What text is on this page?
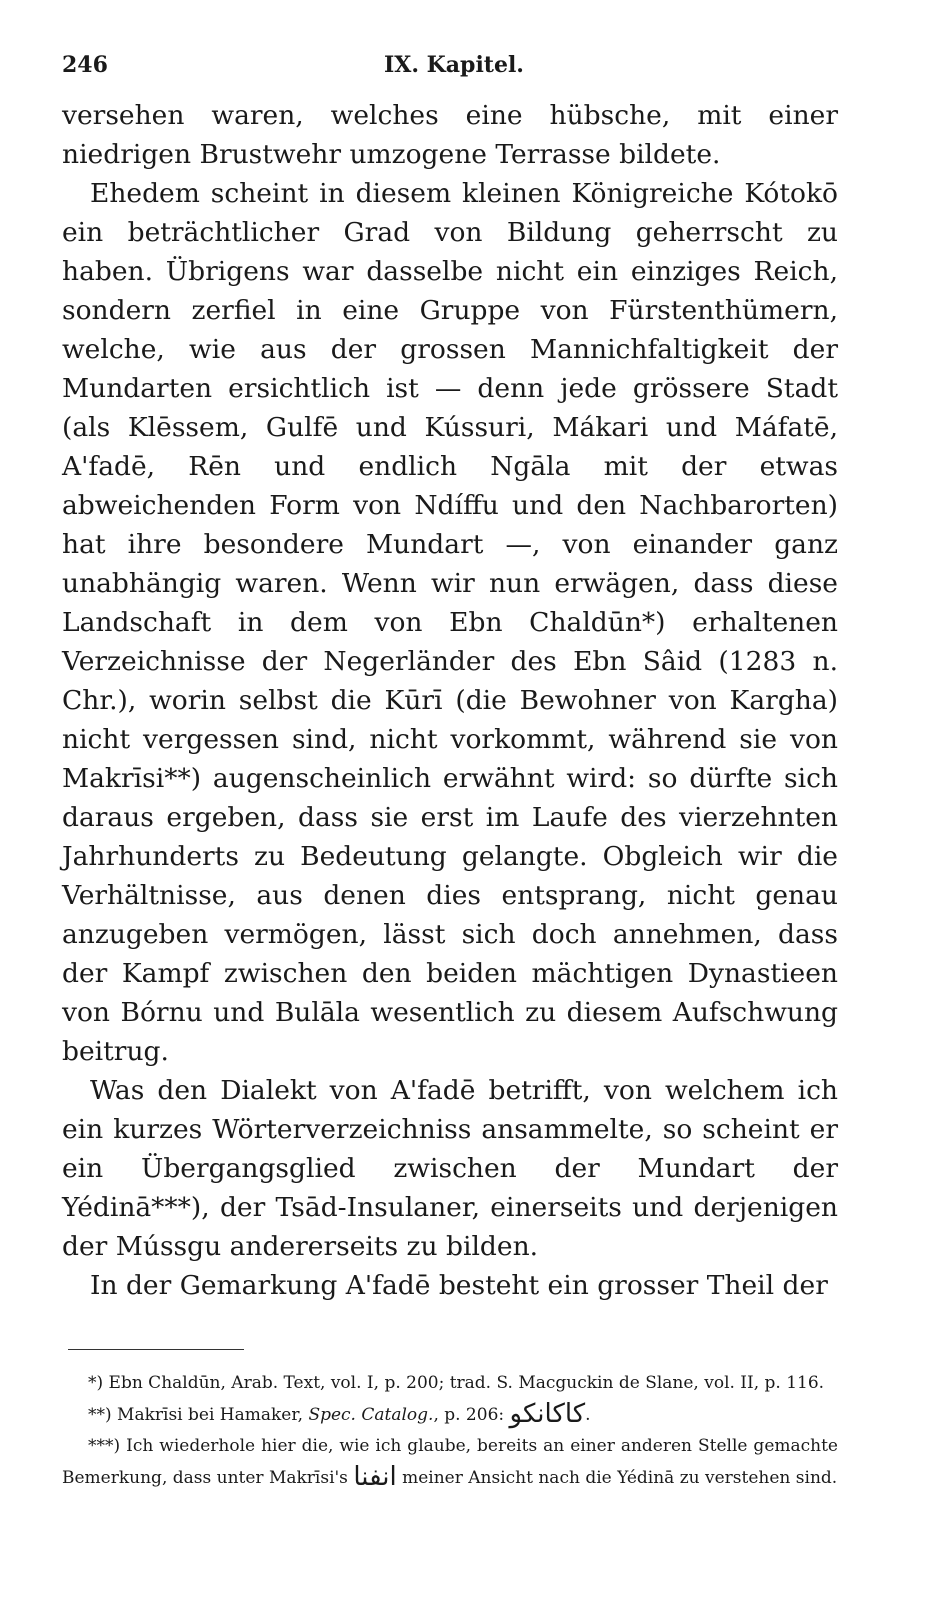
246	IX. Kapitel.

versehen waren, welches eine hübsche, mit einer niedrigen Brustwehr umzogene Terrasse bildete.

Ehedem scheint in diesem kleinen Königreiche Kótokō ein beträchtlicher Grad von Bildung geherrscht zu haben. Übrigens war dasselbe nicht ein einziges Reich, sondern zerfiel in eine Gruppe von Fürstenthümern, welche, wie aus der grossen Mannichfaltigkeit der Mundarten ersichtlich ist — denn jede grössere Stadt (als Klēssem, Gulfē und Kússuri, Mákari und Máfatē, A'fadē, Rēn und endlich Ngāla mit der etwas abweichenden Form von Ndíffu und den Nachbarorten) hat ihre besondere Mundart —, von einander ganz unabhängig waren. Wenn wir nun erwägen, dass diese Landschaft in dem von Ebn Chaldūn*) erhaltenen Verzeichnisse der Negerländer des Ebn Sâid (1283 n. Chr.), worin selbst die Kūrī (die Bewohner von Kargha) nicht vergessen sind, nicht vorkommt, während sie von Makrīsi**) augenscheinlich erwähnt wird: so dürfte sich daraus ergeben, dass sie erst im Laufe des vierzehnten Jahrhunderts zu Bedeutung gelangte. Obgleich wir die Verhältnisse, aus denen dies entsprang, nicht genau anzugeben vermögen, lässt sich doch annehmen, dass der Kampf zwischen den beiden mächtigen Dynastieen von Bórnu und Bulāla wesentlich zu diesem Aufschwung beitrug.

Was den Dialekt von A'fadē betrifft, von welchem ich ein kurzes Wörterverzeichniss ansammelte, so scheint er ein Übergangsglied zwischen der Mundart der Yédinā***), der Tsād-Insulaner, einerseits und derjenigen der Mússgu andererseits zu bilden.

In der Gemarkung A'fadē besteht ein grosser Theil der

*) Ebn Chaldūn, Arab. Text, vol. I, p. 200; trad. S. Macguckin de Slane, vol. II, p. 116.

**) Makrīsi bei Hamaker, Spec. Catalog., p. 206: كاكانكو.

***) Ich wiederhole hier die, wie ich glaube, bereits an einer anderen Stelle gemachte Bemerkung, dass unter Makrīsi's انفنا meiner Ansicht nach die Yédinā zu verstehen sind.
